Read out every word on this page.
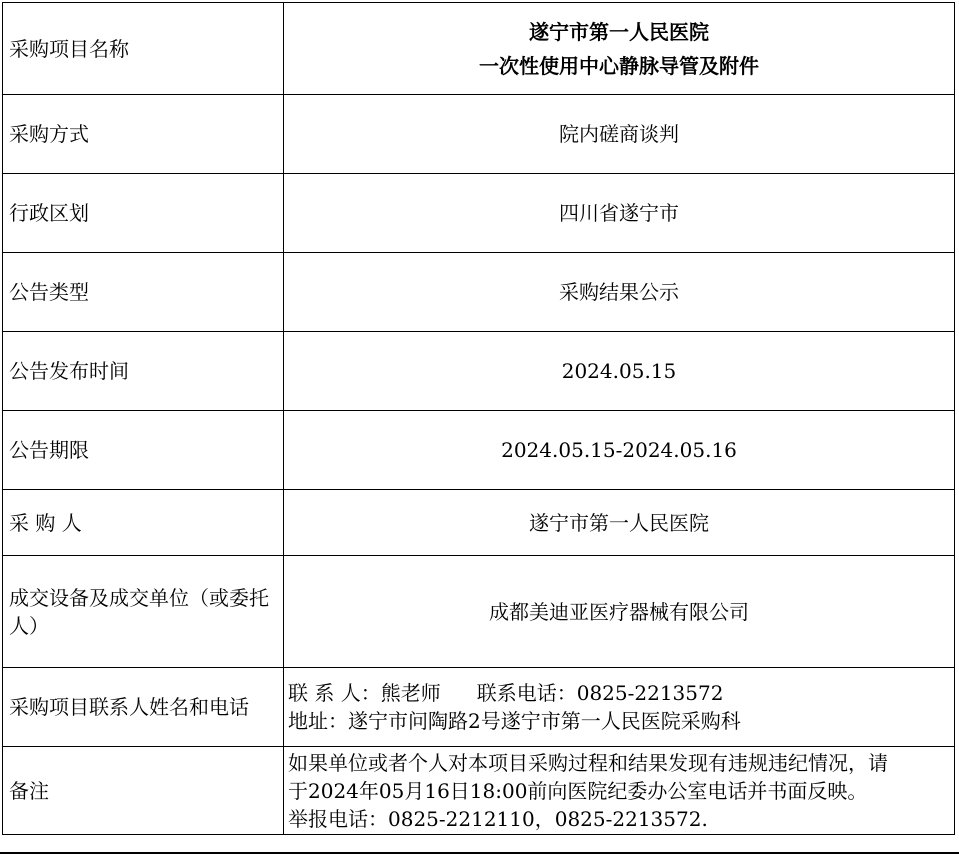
采购项目名称	遂宁市第一人民医院
一次性使用中心静脉导管及附件

采购方式	院内磋商谈判
行政区划	四川省遂宁市
公告类型	采购结果公示
公告发布时间	2024.05.15
公告期限	2024.05.15-2024.05.16
采 购 人	遂宁市第一人民医院
成交设备及成交单位（或委托人）	成都美迪亚医疗器械有限公司
采购项目联系人姓名和电话	联 系 人：熊老师 联系电话：0825-2213572
地址：遂宁市问陶路2号遂宁市第一人民医院采购科

备注	如果单位或者个人对本项目采购过程和结果发现有违规违纪情况，请
于2024年05月16日18:00前向医院纪委办公室电话并书面反映。
举报电话：0825-2212110，0825-2213572.
